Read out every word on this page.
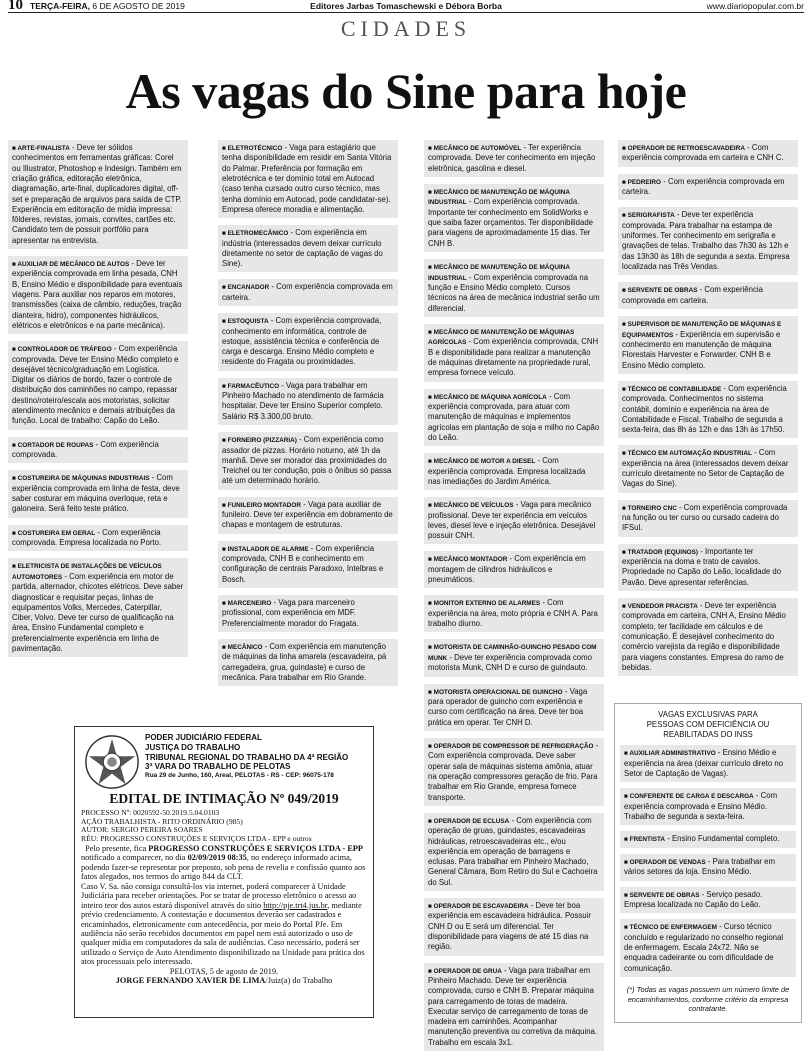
10 TERÇA-FEIRA, 6 DE AGOSTO DE 2019	Editores Jarbas Tomaschewski e Débora Borba	www.diariopopular.com.br
CIDADES
As vagas do Sine para hoje
■ ARTE-FINALISTA - Deve ter sólidos conhecimentos em ferramentas gráficas: Corel ou Illustrator, Photoshop e Indesign. Também em criação gráfica, editoração eletrônica, diagramação, arte-final, duplicadores digital, off-set e preparação de arquivos para saída de CTP. Experiência em editoração de mídia impressa: fôlderes, revistas, jornais, convites, cartões etc. Candidato tem de possuir portfólio para apresentar na entrevista.
■ AUXILIAR DE MECÂNICO DE AUTOS - Deve ter experiência comprovada em linha pesada, CNH B, Ensino Médio e disponibilidade para eventuais viagens. Para auxiliar nos reparos em motores, transmissões (caixa de câmbio, reduções, tração dianteira, hidro), componentes hidráulicos, elétricos e eletrônicos e na parte mecânica).
■ CONTROLADOR DE TRÁFEGO - Com experiência comprovada. Deve ter Ensino Médio completo e desejável técnico/graduação em Logística. Digitar os diários de bordo, fazer o controle de distribuição dos caminhões no campo, repassar destino/roteiro/escala aos motoristas, solicitar atendimento mecânico e demais atribuições da função. Local de trabalho: Capão do Leão.
■ CORTADOR DE ROUPAS - Com experiência comprovada.
■ COSTUREIRA DE MÁQUINAS INDUSTRIAIS - Com experiência comprovada em linha de festa, deve saber costurar em máquina overloque, reta e galoneira. Será feito teste prático.
■ COSTUREIRA EM GERAL - Com experiência comprovada. Empresa localizada no Porto.
■ ELETRICISTA DE INSTALAÇÕES DE VEÍCULOS AUTOMOTORES - Com experiência em motor de partida, alternador, chicotes elétricos. Deve saber diagnosticar e requisitar peças, linhas de equipamentos Volks, Mercedes, Caterpillar, Ciber, Volvo. Deve ter curso de qualificação na área, Ensino Fundamental completo e preferencialmente experiência em linha de pavimentação.
■ ELETROTÉCNICO - Vaga para estagiário que tenha disponibilidade em residir em Santa Vitória do Palmar. Preferência por formação em eletrotécnica e ter domínio total em Autocad (caso tenha cursado outro curso técnico, mas tenha domínio em Autocad, pode candidatar-se). Empresa oferece moradia e alimentação.
■ ELETROMECÂNICO - Com experiência em indústria (interessados devem deixar currículo diretamente no setor de captação de vagas do Sine).
■ ENCANADOR - Com experiência comprovada em carteira.
■ ESTOQUISTA - Com experiência comprovada, conhecimento em informática, controle de estoque, assistência técnica e conferência de carga e descarga. Ensino Médio completo e residente do Fragata ou proximidades.
■ FARMACÊUTICO - Vaga para trabalhar em Pinheiro Machado no atendimento de farmácia hospitalar. Deve ter Ensino Superior completo. Salário R$ 3.300,00 bruto.
■ FORNEIRO (PIZZARIA) - Com experiência como assador de pizzas. Horário noturno, até 1h da manhã. Deve ser morador das proximidades do Treichel ou ter condução, pois o ônibus só passa até um determinado horário.
■ FUNILEIRO MONTADOR - Vaga para auxiliar de funileiro. Deve ter experiência em dobramento de chapas e montagem de estruturas.
■ INSTALADOR DE ALARME - Com experiência comprovada, CNH B e conhecimento em configuração de centrais Paradoxo, Intelbras e Bosch.
■ MARCENEIRO - Vaga para marceneiro profissional, com experiência em MDF. Preferencialmente morador do Fragata.
■ MECÂNICO - Com experiência em manutenção de máquinas da linha amarela (escavadeira, pá carregadeira, grua, guindaste) e curso de mecânica. Para trabalhar em Rio Grande.
■ MECÂNICO DE AUTOMÓVEL - Ter experiência comprovada. Deve ter conhecimento em injeção eletrônica, gasolina e diesel.
■ MECÂNICO DE MANUTENÇÃO DE MÁQUINA INDUSTRIAL - Com experiência comprovada. Importante ter conhecimento em SolidWorks e que saiba fazer orçamentos. Ter disponibilidade para viagens de aproximadamente 15 dias. Ter CNH B.
■ MECÂNICO DE MANUTENÇÃO DE MÁQUINA INDUSTRIAL - Com experiência comprovada na função e Ensino Médio completo. Cursos técnicos na área de mecânica industrial serão um diferencial.
■ MECÂNICO DE MANUTENÇÃO DE MÁQUINAS AGRÍCOLAS - Com experiência comprovada, CNH B e disponibilidade para realizar a manutenção de máquinas diretamente na propriedade rural, empresa fornece veículo.
■ MECÂNICO DE MÁQUINA AGRÍCOLA - Com experiência comprovada, para atuar com manutenção de máquinas e implementos agrícolas em plantação de soja e milho no Capão do Leão.
■ MECÂNICO DE MOTOR A DIESEL - Com experiência comprovada. Empresa localizada nas imediações do Jardim América.
■ MECÂNICO DE VEÍCULOS - Vaga para mecânico profissional. Deve ter experiência em veículos leves, diesel leve e injeção eletrônica. Desejável possuir CNH.
■ MECÂNICO MONTADOR - Com experiência em montagem de cilindros hidráulicos e pneumáticos.
■ MONITOR EXTERNO DE ALARMES - Com experiência na área, moto própria e CNH A. Para trabalho diurno.
■ MOTORISTA DE CAMINHÃO-GUINCHO PESADO COM MUNK - Deve ter experiência comprovada como motorista Munk, CNH D e curso de guindauto.
■ MOTORISTA OPERACIONAL DE GUINCHO - Vaga para operador de guincho com experiência e curso com certificação na área. Deve ter boa prática em operar. Ter CNH D.
■ OPERADOR DE COMPRESSOR DE REFRIGERAÇÃO - Com experiência comprovada. Deve saber operar sala de máquinas sistema amônia, atuar na operação compressores geração de frio. Para trabalhar em Rio Grande, empresa fornece transporte.
■ OPERADOR DE ECLUSA - Com experiência com operação de gruas, guindastes, escavadeiras hidráulicas, retroescavadeiras etc., e/ou experiência em operação de barragens e eclusas. Para trabalhar em Pinheiro Machado, General Câmara, Bom Retiro do Sul e Cachoeira do Sul.
■ OPERADOR DE ESCAVADEIRA - Deve ter boa experiência em escavadeira hidráulica. Possuir CNH D ou E será um diferencial. Ter disponibilidade para viagens de até 15 dias na região.
■ OPERADOR DE GRUA - Vaga para trabalhar em Pinheiro Machado. Deve ter experiência comprovada, curso e CNH B. Preparar máquina para carregamento de toras de madeira. Executar serviço de carregamento de toras de madeira em caminhões. Acompanhar manutenção preventiva ou corretiva da máquina. Trabalho em escala 3x1.
■ OPERADOR DE RETROESCAVADEIRA - Com experiência comprovada em carteira e CNH C.
■ PEDREIRO - Com experiência comprovada em carteira.
■ SERIGRAFISTA - Deve ter experiência comprovada. Para trabalhar na estampa de uniformes. Ter conhecimento em serigrafia e gravações de telas. Trabalho das 7h30 às 12h e das 13h30 às 18h de segunda a sexta. Empresa localizada nas Três Vendas.
■ SERVENTE DE OBRAS - Com experiência comprovada em carteira.
■ SUPERVISOR DE MANUTENÇÃO DE MÁQUINAS E EQUIPAMENTOS - Experiência em supervisão e conhecimento em manutenção de máquina Florestais Harvester e Forwarder. CNH B e Ensino Médio completo.
■ TÉCNICO DE CONTABILIDADE - Com experiência comprovada. Conhecimentos no sistema contábil, domínio e experiência na área de Contabilidade e Fiscal. Trabalho de segunda a sexta-feira, das 8h às 12h e das 13h às 17h50.
■ TÉCNICO EM AUTOMAÇÃO INDUSTRIAL - Com experiência na área (interessados devem deixar currículo diretamente no Setor de Captação de Vagas do Sine).
■ TORNEIRO CNC - Com experiência comprovada na função ou ter curso ou cursado cadeira do IFSul.
■ TRATADOR (EQUINOS) - Importante ter experiência na doma e trato de cavalos. Propriedade no Capão do Leão, localidade do Pavão. Deve apresentar referências.
■ VENDEDOR PRACISTA - Deve ter experiência comprovada em carteira, CNH A, Ensino Médio completo, ter facilidade em cálculos e de comunicação. É desejável conhecimento do comércio varejista da região e disponibilidade para viagens constantes. Empresa do ramo de bebidas.
PODER JUDICIÁRIO FEDERAL
JUSTIÇA DO TRABALHO
TRIBUNAL REGIONAL DO TRABALHO DA 4ª REGIÃO
3ª VARA DO TRABALHO DE PELOTAS
Rua 29 de Junho, 160, Areal, PELOTAS - RS - CEP: 96075-178
EDITAL DE INTIMAÇÃO Nº 049/2019
PROCESSO Nº: 0020592-50.2019.5.04.0103
AÇÃO TRABALHISTA - RITO ORDINÁRIO (985)
AUTOR: SERGIO PEREIRA SOARES
RÉU: PROGRESSO CONSTRUÇÕES E SERVIÇOS LTDA - EPP e outros

Pelo presente, fica PROGRESSO CONSTRUÇÕES E SERVIÇOS LTDA - EPP notificado a comparecer, no dia 02/09/2019 08:35, no endereço informado acima, podendo fazer-se representar por preposto, sob pena de revelia e confissão quanto aos fatos alegados, nos termos do artigo 844 da CLT.

Caso V. Sa. não consiga consultá-los via internet, poderá comparecer à Unidade Judiciária para receber orientações. Por se tratar de processo eletrônico o acesso ao inteiro teor dos autos estará disponível através do sítio http://pje.trt4.jus.br, mediante prévio credenciamento. A contestação e documentos deverão ser cadastrados e encaminhados, eletronicamente com antecedência, por meio do Portal PJe. Em audiência não serão recebidos documentos em papel nem está autorizado o uso de qualquer mídia em computadores da sala de audiências. Caso necessário, poderá ser utilizado o Serviço de Auto Atendimento disponibilizado na Unidade para prática dos atos processuais pelo interessado.

PELOTAS, 5 de agosto de 2019.
JORGE FERNANDO XAVIER DE LIMA/Juiz(a) do Trabalho
VAGAS EXCLUSIVAS PARA
PESSOAS COM DEFICIÊNCIA OU
REABILITADAS DO INSS
■ AUXILIAR ADMINISTRATIVO - Ensino Médio e experiência na área (deixar currículo direto no Setor de Captação de Vagas).
■ CONFERENTE DE CARGA E DESCARGA - Com experiência comprovada e Ensino Médio. Trabalho de segunda a sexta-feira.
■ FRENTISTA - Ensino Fundamental completo.
■ OPERADOR DE VENDAS - Para trabalhar em vários setores da loja. Ensino Médio.
■ SERVENTE DE OBRAS - Serviço pesado. Empresa localizada no Capão do Leão.
■ TÉCNICO DE ENFERMAGEM - Curso técnico concluído e regularizado no conselho regional de enfermagem. Escala 24x72. Não se enquadra cadeirante ou com dificuldade de comunicação.
(*) Todas as vagas possuem um número limite de encaminhamentos, conforme critério da empresa contratante.
